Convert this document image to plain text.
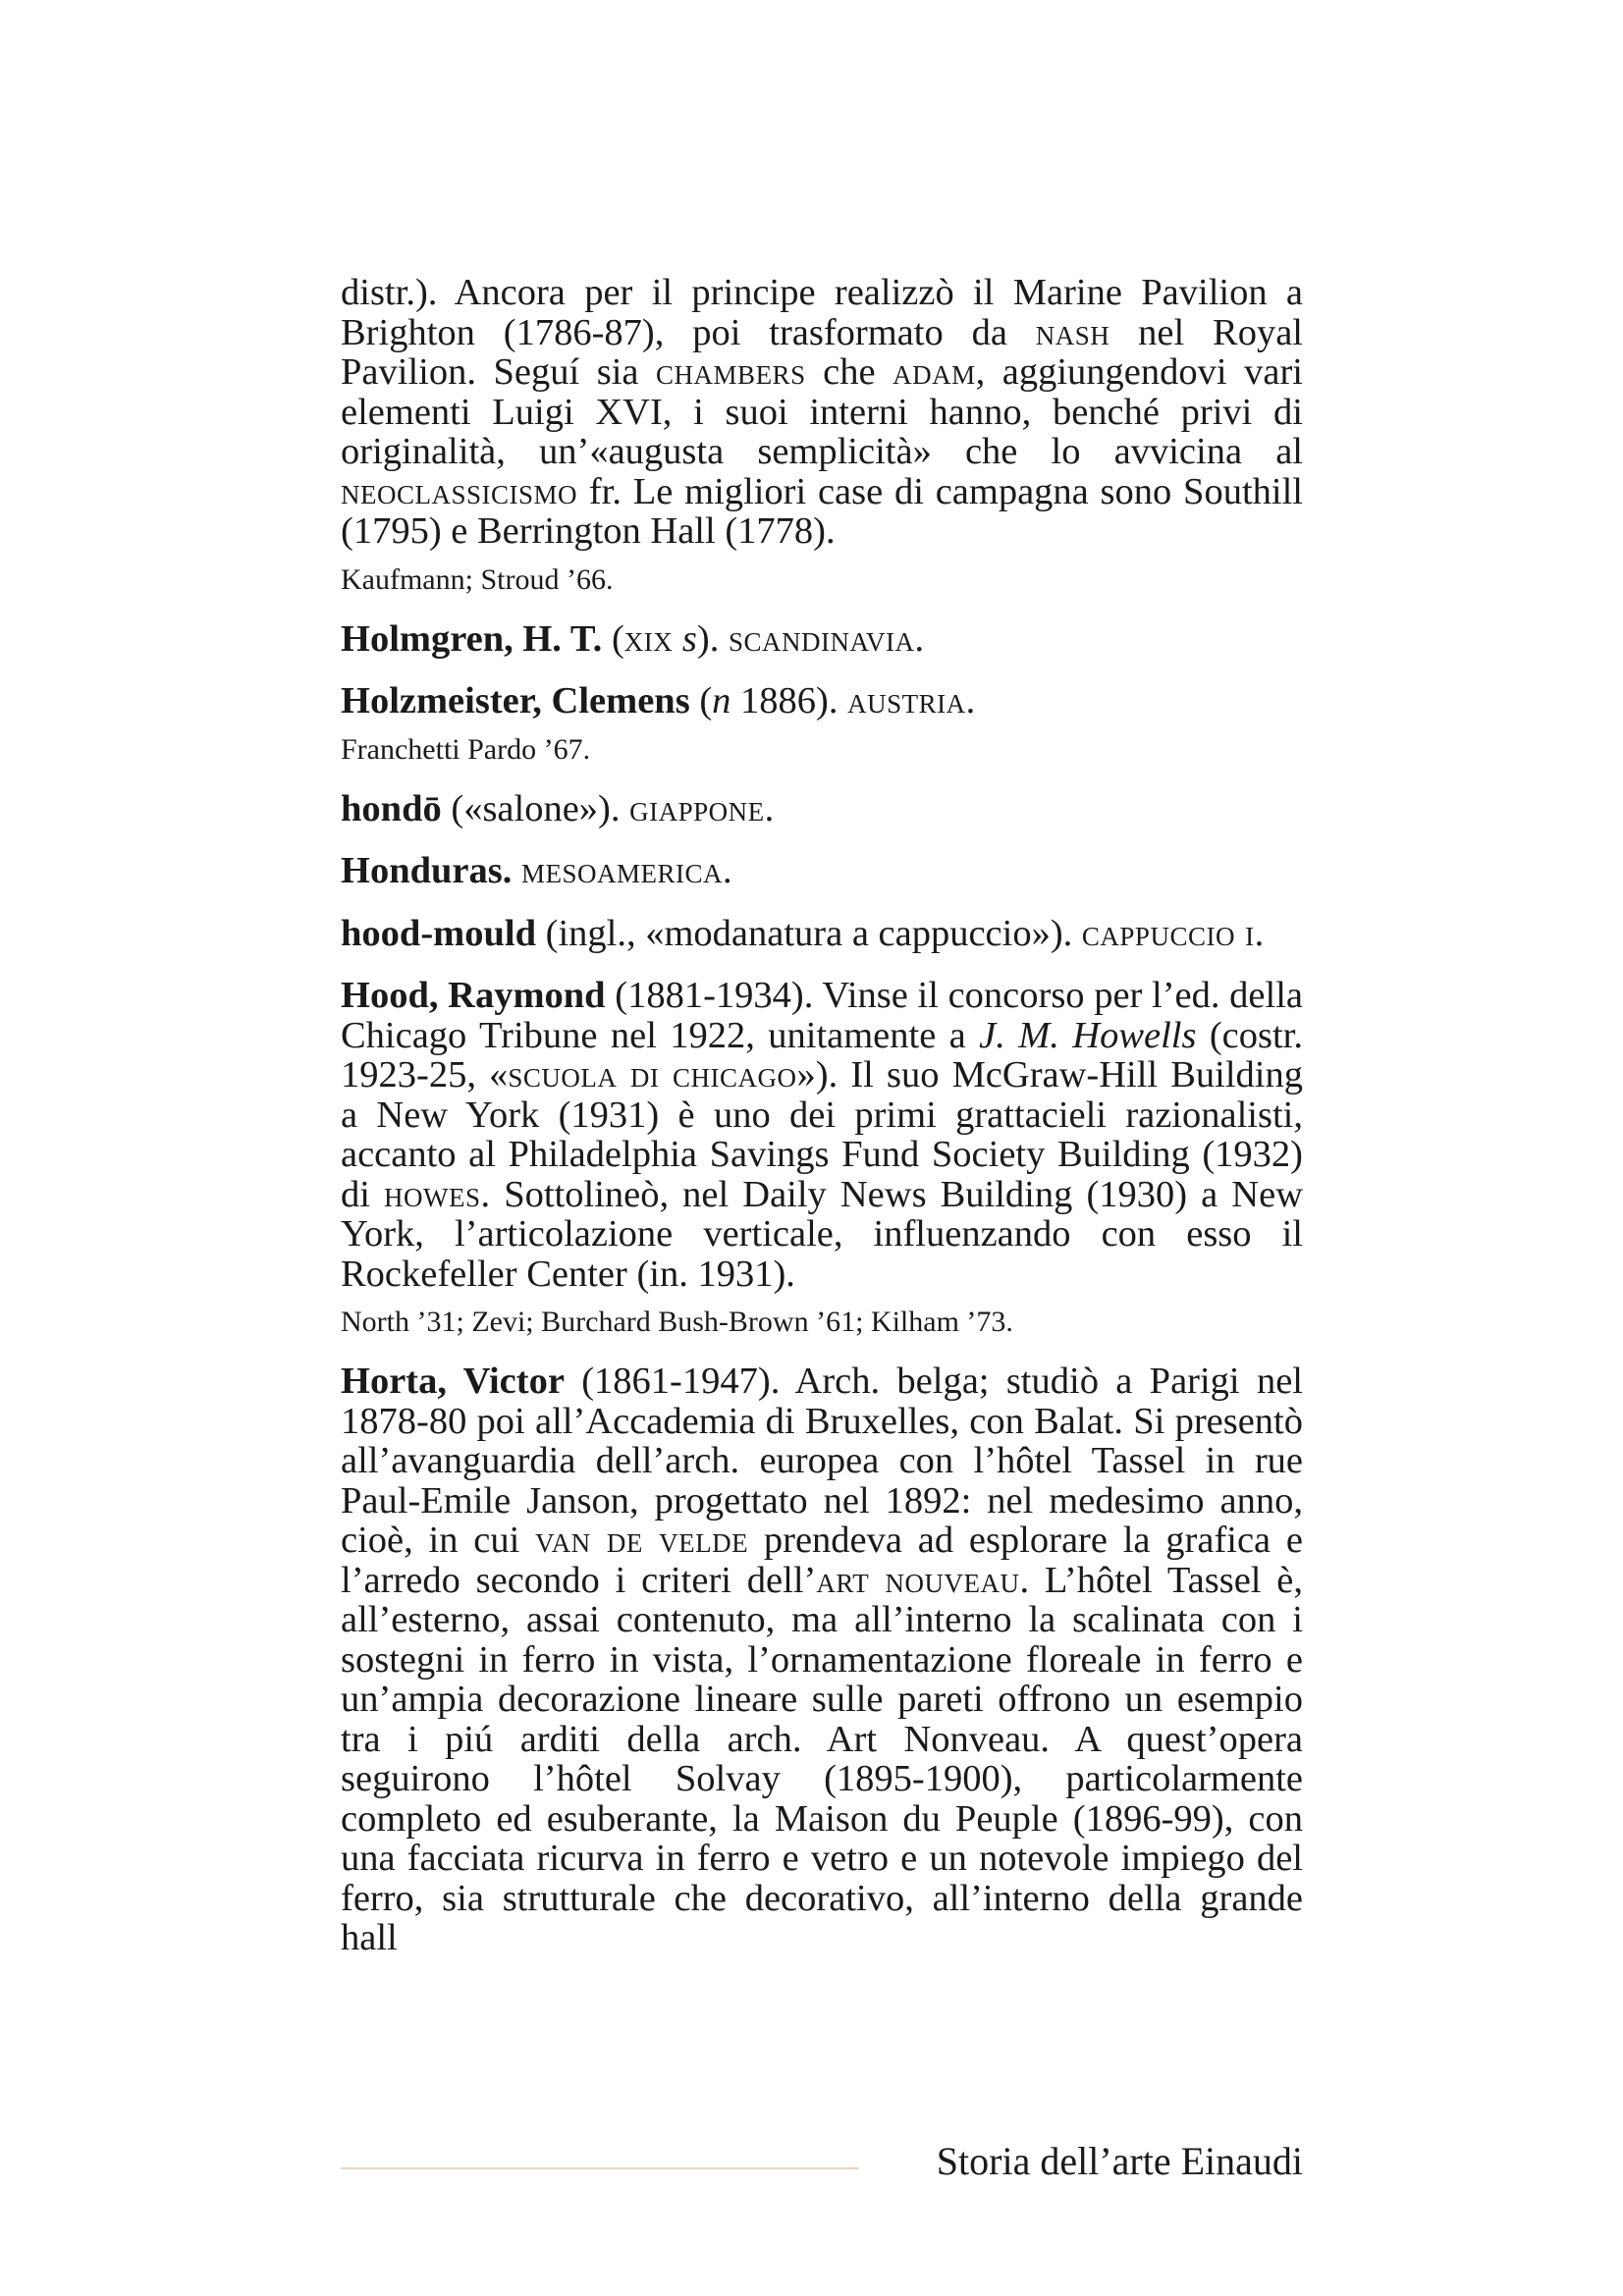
distr.). Ancora per il principe realizzò il Marine Pavilion a Brighton (1786-87), poi trasformato da nash nel Royal Pavilion. Seguí sia chambers che adam, aggiungendovi vari elementi Luigi XVI, i suoi interni hanno, benché privi di originalità, un’«augusta semplicità» che lo avvicina al neoclassicismo fr. Le migliori case di campagna sono Southill (1795) e Berrington Hall (1778).

Kaufmann; Stroud ’66.

Holmgren, H. T. (xix s). scandinavia.

Holzmeister, Clemens (n 1886). austria.

Franchetti Pardo ’67.

hondō («salone»). giappone.

Honduras. mesoamerica.

hood-mould (ingl., «modanatura a cappuccio»). cappuccio i.

Hood, Raymond (1881-1934). Vinse il concorso per l’ed. della Chicago Tribune nel 1922, unitamente a J. M. Howells (costr. 1923-25, «scuola di chicago»). Il suo McGraw-Hill Building a New York (1931) è uno dei primi grattacieli razionalisti, accanto al Philadelphia Savings Fund Society Building (1932) di howes. Sottolineò, nel Daily News Building (1930) a New York, l’articolazione verticale, influenzando con esso il Rockefeller Center (in. 1931).

North ’31; Zevi; Burchard Bush-Brown ’61; Kilham ’73.

Horta, Victor (1861-1947). Arch. belga; studiò a Parigi nel 1878-80 poi all’Accademia di Bruxelles, con Balat. Si presentò all’avanguardia dell’arch. europea con l’hôtel Tassel in rue Paul-Emile Janson, progettato nel 1892: nel medesimo anno, cioè, in cui van de velde prendeva ad esplorare la grafica e l’arredo secondo i criteri dell’art nouveau. L’hôtel Tassel è, all’esterno, assai contenuto, ma all’interno la scalinata con i sostegni in ferro in vista, l’ornamentazione floreale in ferro e un’ampia decorazione lineare sulle pareti offrono un esempio tra i piú arditi della arch. Art Nonveau. A quest’opera seguirono l’hôtel Solvay (1895-1900), particolarmente completo ed esuberante, la Maison du Peuple (1896-99), con una facciata ricurva in ferro e vetro e un notevole impiego del ferro, sia strutturale che decorativo, all’interno della grande hall

Storia dell’arte Einaudi
